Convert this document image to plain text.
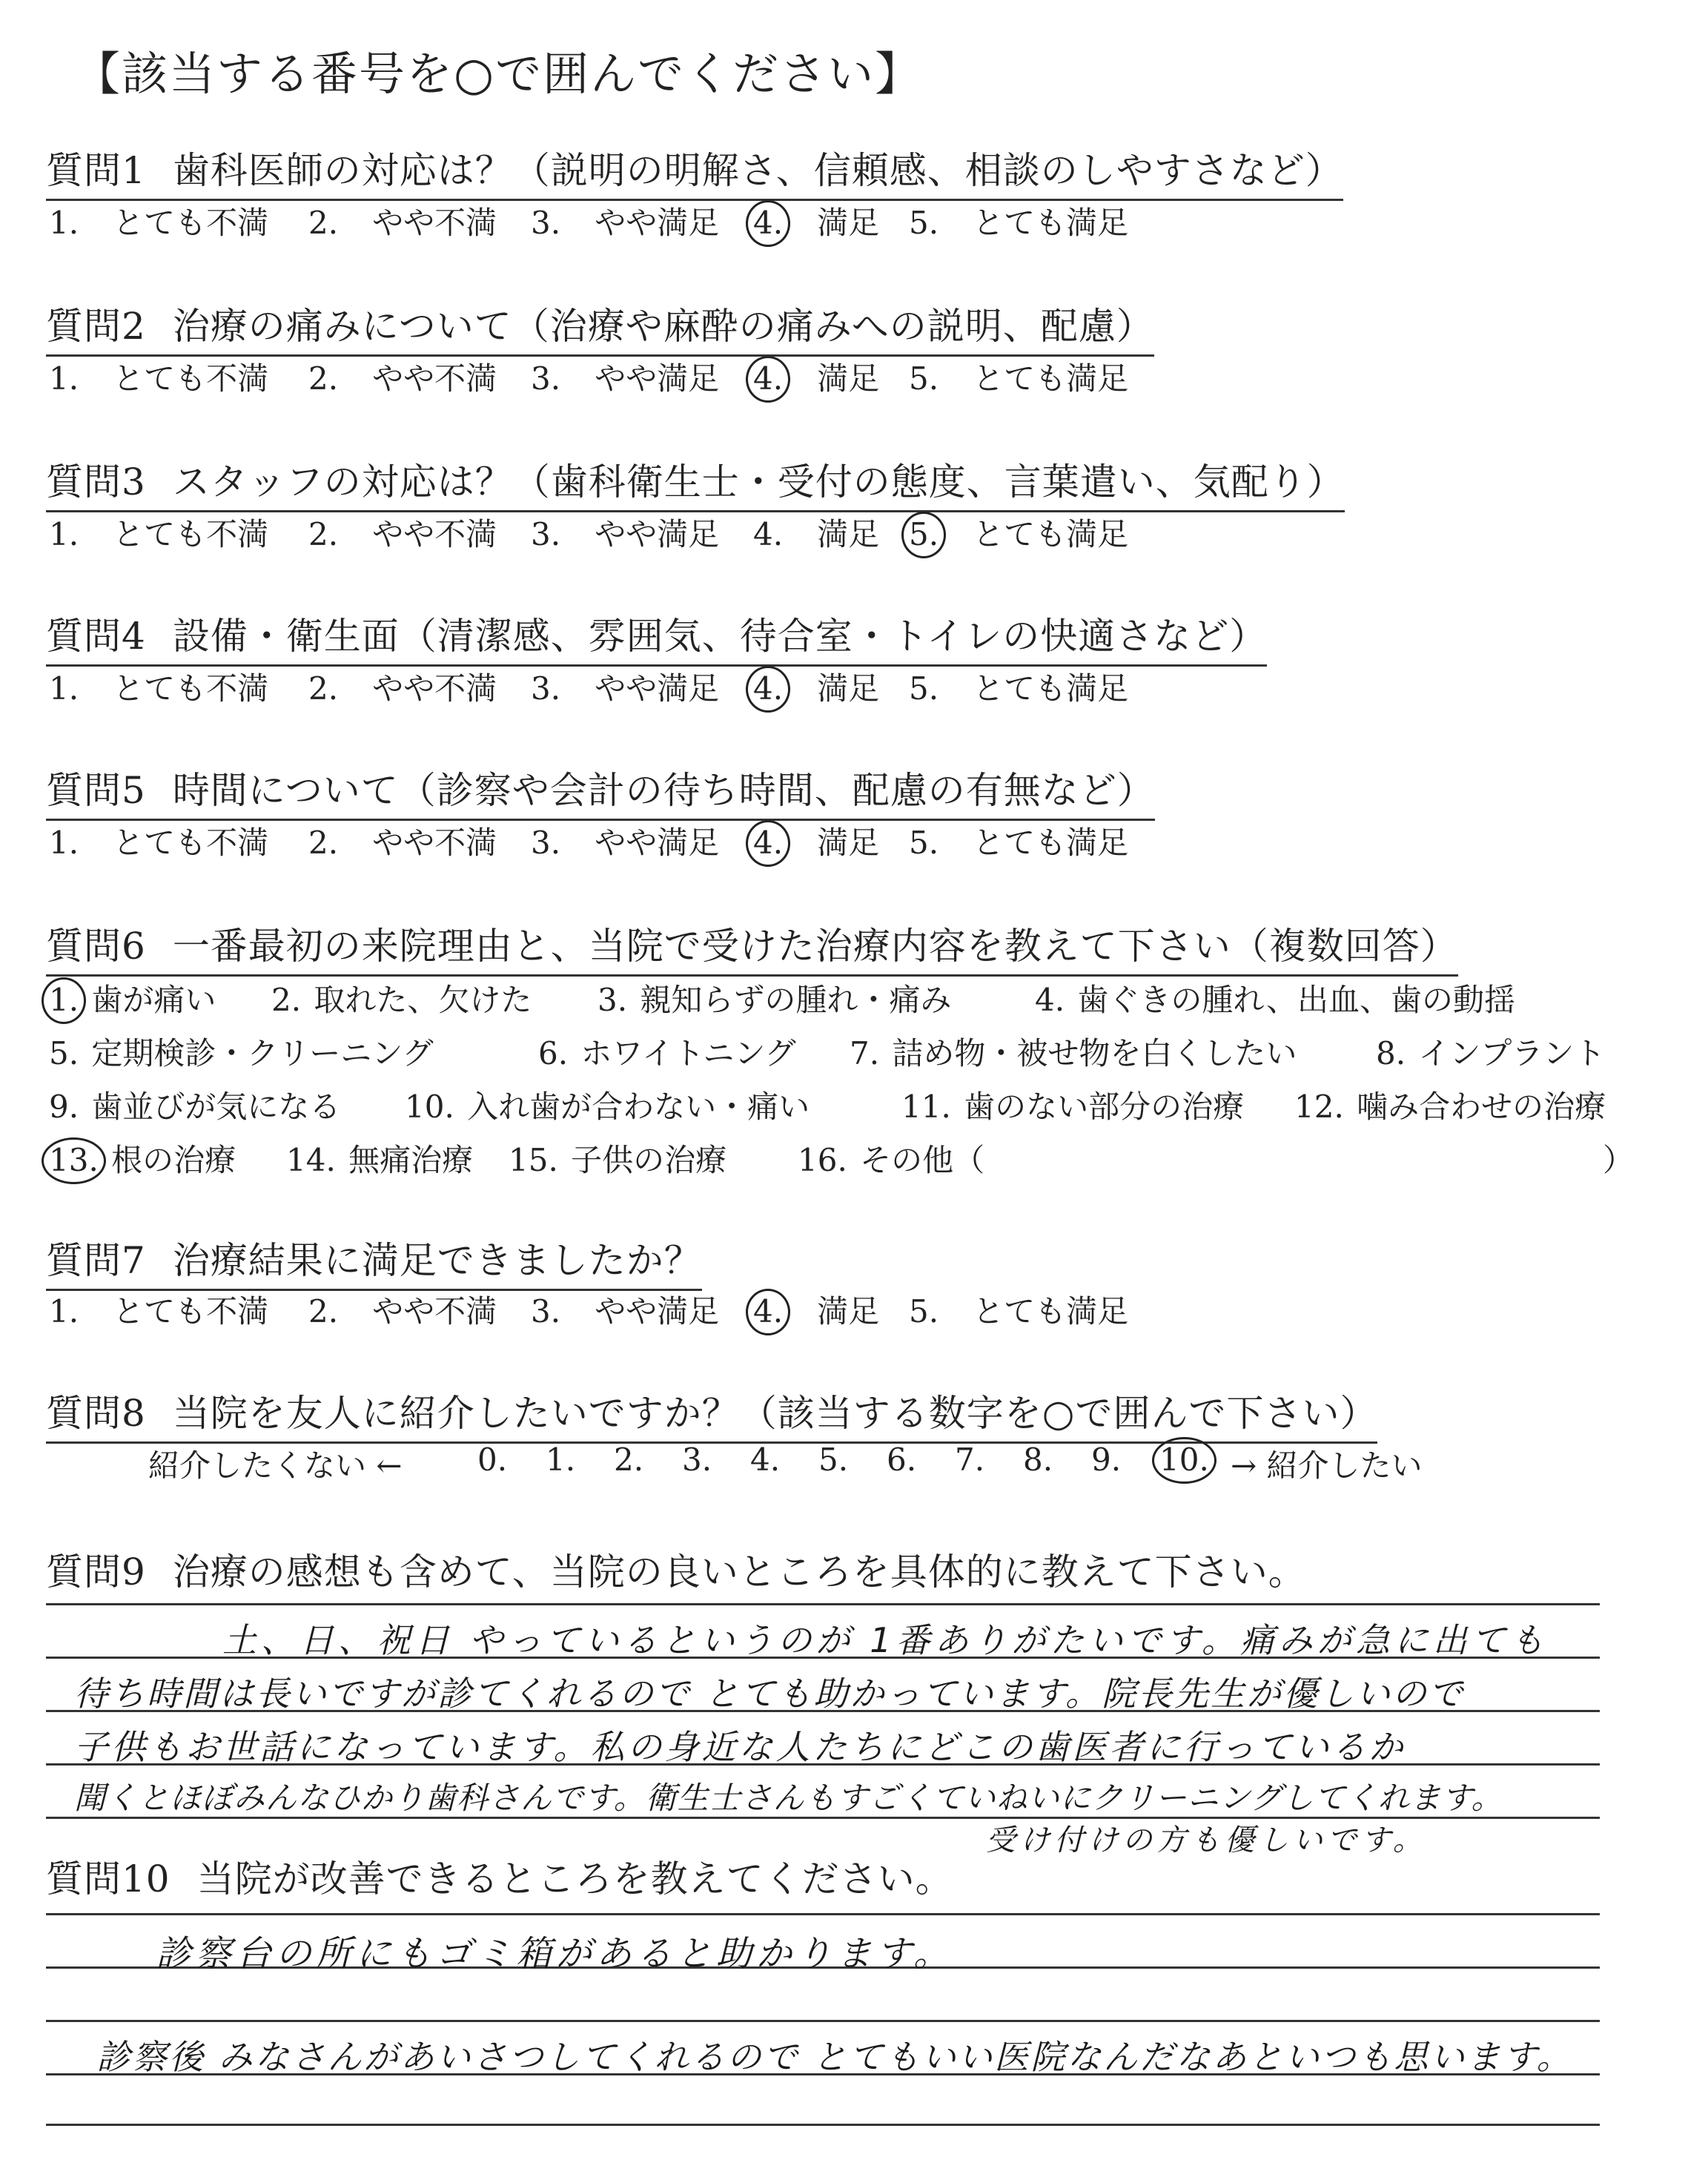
【該当する番号を○で囲んでください】
質問1 歯科医師の対応は？（説明の明解さ、信頼感、相談のしやすさなど）
1.　とても不満 2.　やや不満 3.　やや満足 4.　満足 5.　とても満足
質問2 治療の痛みについて（治療や麻酔の痛みへの説明、配慮）
1.　とても不満 2.　やや不満 3.　やや満足 4.　満足 5.　とても満足
質問3 スタッフの対応は？（歯科衛生士・受付の態度、言葉遣い、気配り）
1.　とても不満 2.　やや不満 3.　やや満足 4.　満足 5.　とても満足
質問4 設備・衛生面（清潔感、雰囲気、待合室・トイレの快適さなど）
1.　とても不満 2.　やや不満 3.　やや満足 4.　満足 5.　とても満足
質問5 時間について（診察や会計の待ち時間、配慮の有無など）
1.　とても不満 2.　やや不満 3.　やや満足 4.　満足 5.　とても満足
質問6 一番最初の来院理由と、当院で受けた治療内容を教えて下さい（複数回答）
1. 歯が痛い 2. 取れた、欠けた 3. 親知らずの腫れ・痛み	4. 歯ぐきの腫れ、出血、歯の動揺
5. 定期検診・クリーニング	6. ホワイトニング 7. 詰め物・被せ物を白くしたい	8. インプラント
9. 歯並びが気になる 10. 入れ歯が合わない・痛い	11. 歯のない部分の治療 12. 噛み合わせの治療
13. 根の治療 14. 無痛治療 15. 子供の治療 16. その他（	）
質問7 治療結果に満足できましたか？
1.　とても不満 2.　やや不満 3.　やや満足 4.　満足 5.　とても満足
質問8 当院を友人に紹介したいですか？（該当する数字を○で囲んで下さい）
紹介したくない ← 0. 1. 2. 3. 4. 5. 6. 7. 8. 9. 10. → 紹介したい
質問9 治療の感想も含めて、当院の良いところを具体的に教えて下さい。
土、日、祝日 やっているというのが 1番ありがたいです。痛みが急に出ても
待ち時間は長いですが診てくれるので とても助かっています。院長先生が優しいので
子供もお世話になっています。私の身近な人たちにどこの歯医者に行っているか
聞くとほぼみんなひかり歯科さんです。衛生士さんもすごくていねいにクリーニングしてくれます。
受け付けの方も優しいです。
質問10 当院が改善できるところを教えてください。
診察台の所にもゴミ箱があると助かります。
診察後 みなさんがあいさつしてくれるので とてもいい医院なんだなあといつも思います。
